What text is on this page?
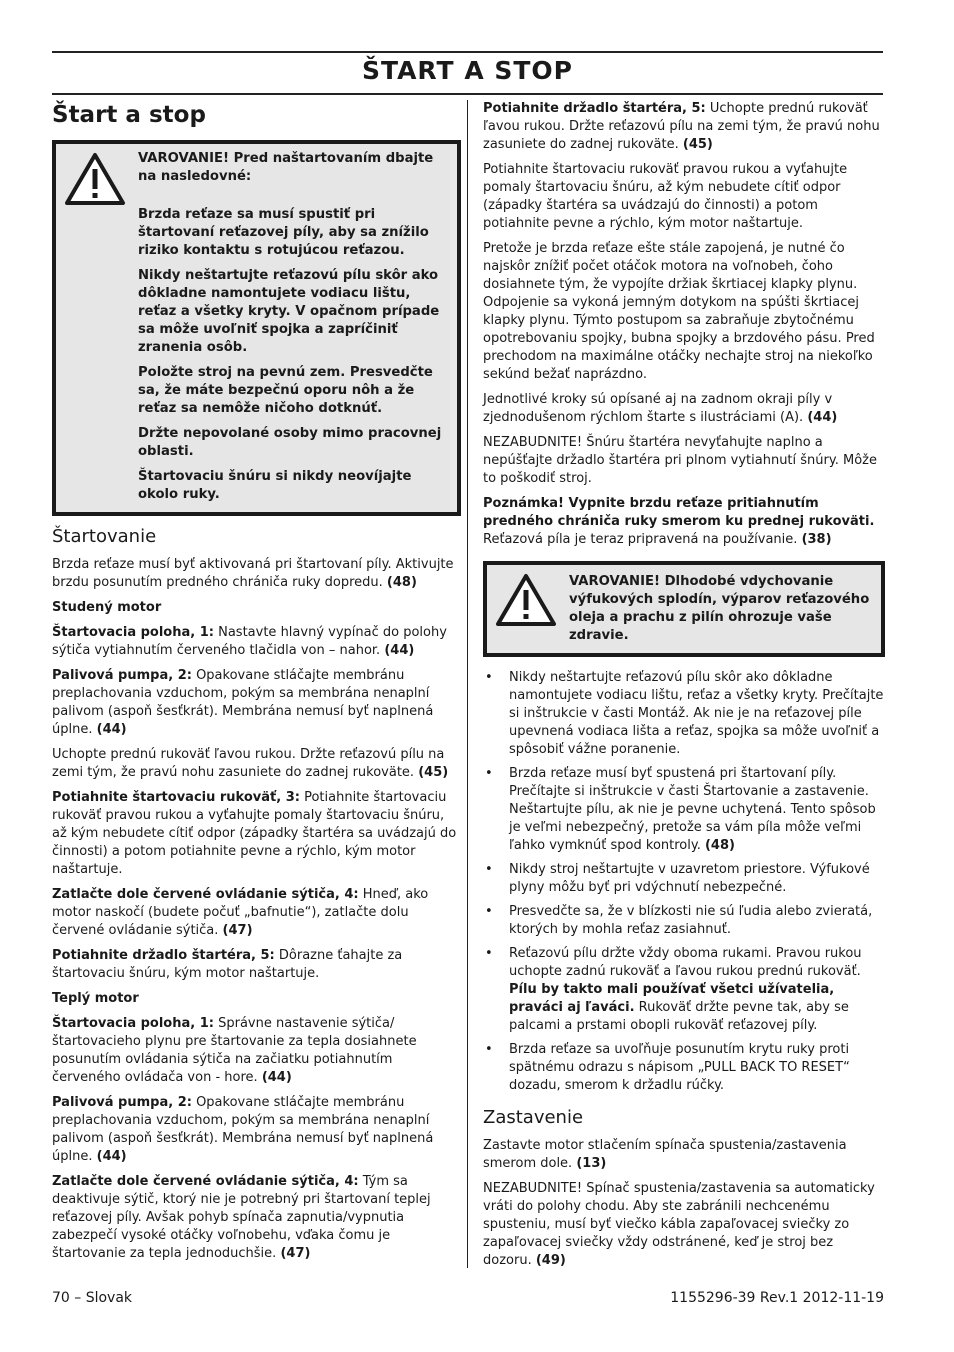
ŠTART A STOP
Štart a stop

VAROVANIE! Pred naštartovaním dbajte na nasledovné:

Brzda reťaze sa musí spustiť pri štartovaní reťazovej píly, aby sa znížilo riziko kontaktu s rotujúcou reťazou.

Nikdy neštartujte reťazovú pílu skôr ako dôkladne namontujete vodiacu lištu, reťaz a všetky kryty. V opačnom prípade sa môže uvoľniť spojka a zapríčiniť zranenia osôb.

Položte stroj na pevnú zem. Presvedčte sa, že máte bezpečnú oporu nôh a že reťaz sa nemôže ničoho dotknúť.

Držte nepovolané osoby mimo pracovnej oblasti.

Štartovaciu šnúru si nikdy neovíjajte okolo ruky.

Štartovanie

Brzda reťaze musí byť aktivovaná pri štartovaní píly. Aktivujte brzdu posunutím predného chrániča ruky dopredu. (48)

Studený motor

Štartovacia poloha, 1: Nastavte hlavný vypínač do polohy sýtiča vytiahnutím červeného tlačidla von – nahor. (44)

Palivová pumpa, 2: Opakovane stláčajte membránu preplachovania vzduchom, pokým sa membrána nenaplní palivom (aspoň šesťkrát). Membrána nemusí byť naplnená úplne. (44)

Uchopte prednú rukoväť ľavou rukou. Držte reťazovú pílu na zemi tým, že pravú nohu zasuniete do zadnej rukoväte. (45)

Potiahnite štartovaciu rukoväť, 3: Potiahnite štartovaciu rukoväť pravou rukou a vyťahujte pomaly štartovaciu šnúru, až kým nebudete cítiť odpor (západky štartéra sa uvádzajú do činnosti) a potom potiahnite pevne a rýchlo, kým motor naštartuje.

Zatlačte dole červené ovládanie sýtiča, 4: Hneď, ako motor naskočí (budete počuť „bafnutie“), zatlačte dolu červené ovládanie sýtiča. (47)

Potiahnite držadlo štartéra, 5: Dôrazne ťahajte za štartovaciu šnúru, kým motor naštartuje.

Teplý motor

Štartovacia poloha, 1: Správne nastavenie sýtiča/ štartovacieho plynu pre štartovanie za tepla dosiahnete posunutím ovládania sýtiča na začiatku potiahnutím červeného ovládača von - hore. (44)

Palivová pumpa, 2: Opakovane stláčajte membránu preplachovania vzduchom, pokým sa membrána nenaplní palivom (aspoň šesťkrát). Membrána nemusí byť naplnená úplne. (44)

Zatlačte dole červené ovládanie sýtiča, 4: Tým sa deaktivuje sýtič, ktorý nie je potrebný pri štartovaní teplej reťazovej píly. Avšak pohyb spínača zapnutia/vypnutia zabezpečí vysoké otáčky voľnobehu, vďaka čomu je štartovanie za tepla jednoduchšie. (47)

Potiahnite držadlo štartéra, 5: Uchopte prednú rukoväť ľavou rukou. Držte reťazovú pílu na zemi tým, že pravú nohu zasuniete do zadnej rukoväte. (45)

Potiahnite štartovaciu rukoväť pravou rukou a vyťahujte pomaly štartovaciu šnúru, až kým nebudete cítiť odpor (západky štartéra sa uvádzajú do činnosti) a potom potiahnite pevne a rýchlo, kým motor naštartuje.

Pretože je brzda reťaze ešte stále zapojená, je nutné čo najskôr znížiť počet otáčok motora na voľnobeh, čoho dosiahnete tým, že vypojíte držiak škrtiacej klapky plynu. Odpojenie sa vykoná jemným dotykom na spúšti škrtiacej klapky plynu. Týmto postupom sa zabraňuje zbytočnému opotrebovaniu spojky, bubna spojky a brzdového pásu. Pred prechodom na maximálne otáčky nechajte stroj na niekoľko sekúnd bežať naprázdno.

Jednotlivé kroky sú opísané aj na zadnom okraji píly v zjednodušenom rýchlom štarte s ilustráciami (A). (44)

NEZABUDNITE! Šnúru štartéra nevyťahujte naplno a nepúšťajte držadlo štartéra pri plnom vytiahnutí šnúry. Môže to poškodiť stroj.

Poznámka! Vypnite brzdu reťaze pritiahnutím predného chrániča ruky smerom ku prednej rukoväti. Reťazová píla je teraz pripravená na používanie. (38)

VAROVANIE! Dlhodobé vdychovanie výfukových splodín, výparov reťazového oleja a prachu z pilín ohrozuje vaše zdravie.

• Nikdy neštartujte reťazovú pílu skôr ako dôkladne namontujete vodiacu lištu, reťaz a všetky kryty. Prečítajte si inštrukcie v časti Montáž. Ak nie je na reťazovej píle upevnená vodiaca lišta a reťaz, spojka sa môže uvoľniť a spôsobiť vážne poranenie.
• Brzda reťaze musí byť spustená pri štartovaní píly. Prečítajte si inštrukcie v časti Štartovanie a zastavenie. Neštartujte pílu, ak nie je pevne uchytená. Tento spôsob je veľmi nebezpečný, pretože sa vám píla môže veľmi ľahko vymknúť spod kontroly. (48)
• Nikdy stroj neštartujte v uzavretom priestore. Výfukové plyny môžu byť pri vdýchnutí nebezpečné.
• Presvedčte sa, že v blízkosti nie sú ľudia alebo zvieratá, ktorých by mohla reťaz zasiahnuť.
• Reťazovú pílu držte vždy oboma rukami. Pravou rukou uchopte zadnú rukoväť a ľavou rukou prednú rukoväť. Pílu by takto mali používať všetci užívatelia, praváci aj ľaváci. Rukoväť držte pevne tak, aby se palcami a prstami obopli rukoväť reťazovej píly.
• Brzda reťaze sa uvoľňuje posunutím krytu ruky proti spätnému odrazu s nápisom „PULL BACK TO RESET“ dozadu, smerom k držadlu rúčky.
Zastavenie

Zastavte motor stlačením spínača spustenia/zastavenia smerom dole. (13)

NEZABUDNITE! Spínač spustenia/zastavenia sa automaticky vráti do polohy chodu. Aby ste zabránili nechcenému spusteniu, musí byť viečko kábla zapaľovacej sviečky zo zapaľovacej sviečky vždy odstránené, keď je stroj bez dozoru. (49)

70 – Slovak	1155296-39 Rev.1 2012-11-19
